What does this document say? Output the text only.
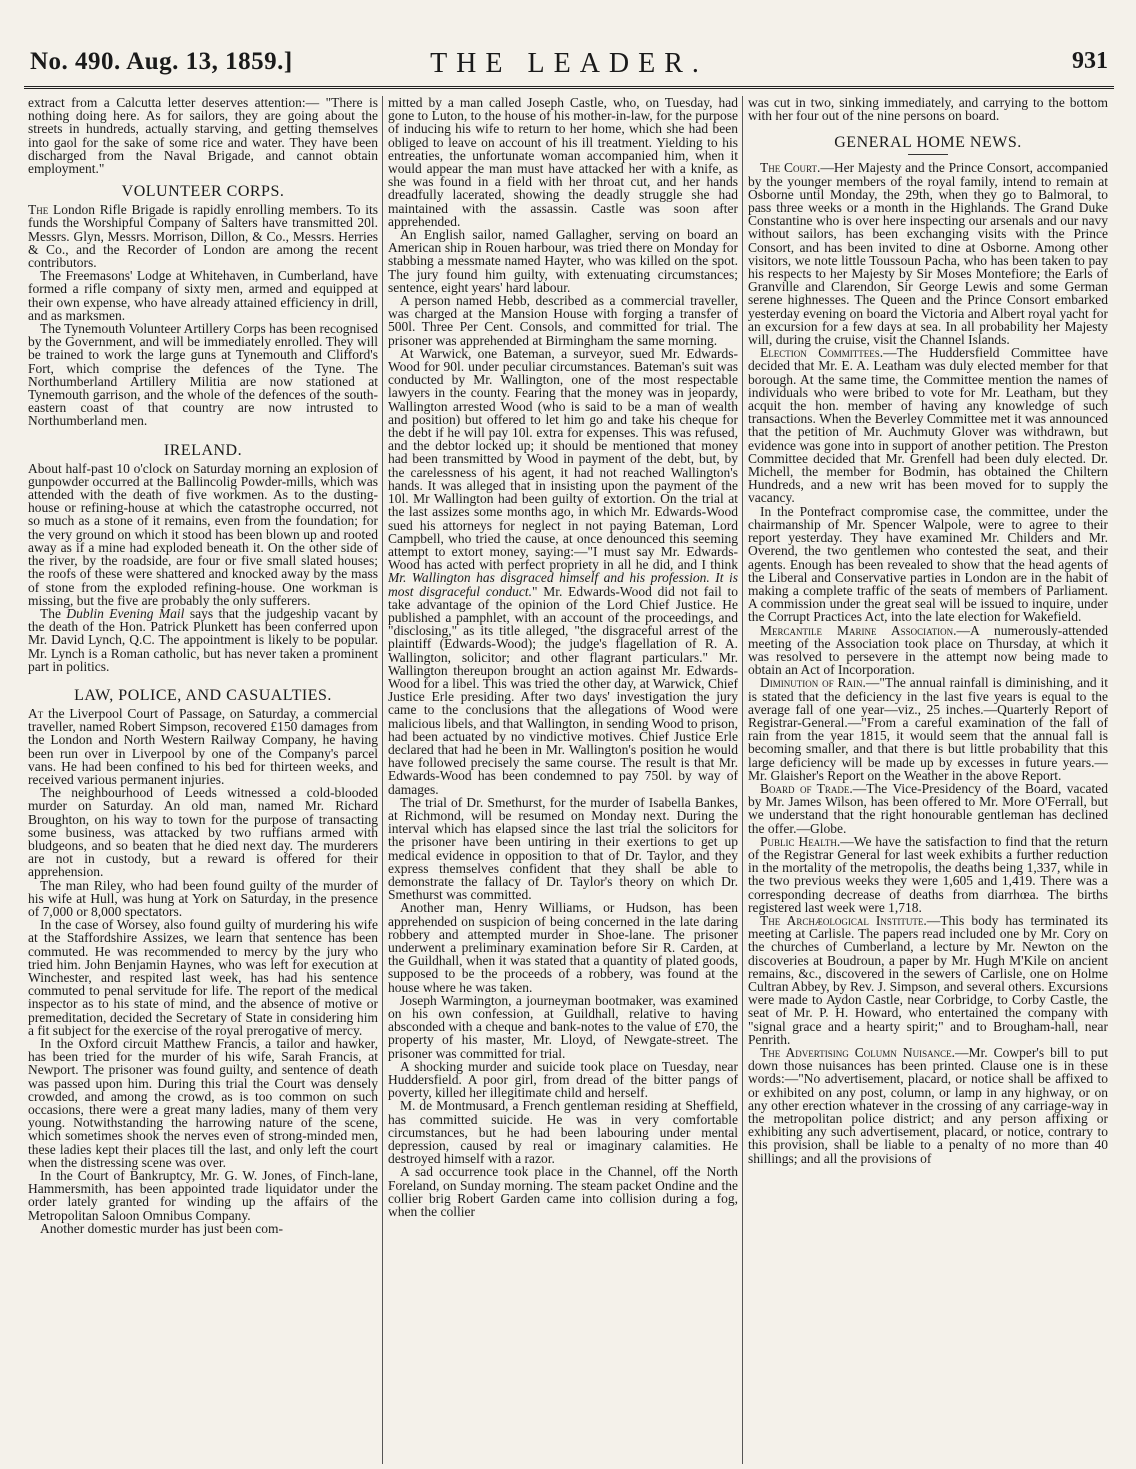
No. 490. Aug. 13, 1859.]	THE LEADER.	931

extract from a Calcutta letter deserves attention:— "There is nothing doing here. As for sailors, they are going about the streets in hundreds, actually starving, and getting themselves into gaol for the sake of some rice and water. They have been discharged from the Naval Brigade, and cannot obtain employment."

VOLUNTEER CORPS.

The London Rifle Brigade is rapidly enrolling members. To its funds the Worshipful Company of Salters have transmitted 20l. Messrs. Glyn, Messrs. Morrison, Dillon, & Co., Messrs. Herries & Co., and the Recorder of London are among the recent contributors.

The Freemasons' Lodge at Whitehaven, in Cumberland, have formed a rifle company of sixty men, armed and equipped at their own expense, who have already attained efficiency in drill, and as marksmen.

The Tynemouth Volunteer Artillery Corps has been recognised by the Government, and will be immediately enrolled. They will be trained to work the large guns at Tynemouth and Clifford's Fort, which comprise the defences of the Tyne. The Northumberland Artillery Militia are now stationed at Tynemouth garrison, and the whole of the defences of the south-eastern coast of that country are now intrusted to Northumberland men.

IRELAND.

About half-past 10 o'clock on Saturday morning an explosion of gunpowder occurred at the Ballincolig Powder-mills, which was attended with the death of five workmen. As to the dusting-house or refining-house at which the catastrophe occurred, not so much as a stone of it remains, even from the foundation; for the very ground on which it stood has been blown up and rooted away as if a mine had exploded beneath it. On the other side of the river, by the roadside, are four or five small slated houses; the roofs of these were shattered and knocked away by the mass of stone from the exploded refining-house. One workman is missing, but the five are probably the only sufferers.

The Dublin Evening Mail says that the judgeship vacant by the death of the Hon. Patrick Plunkett has been conferred upon Mr. David Lynch, Q.C. The appointment is likely to be popular. Mr. Lynch is a Roman catholic, but has never taken a prominent part in politics.

LAW, POLICE, AND CASUALTIES.

At the Liverpool Court of Passage, on Saturday, a commercial traveller, named Robert Simpson, recovered £150 damages from the London and North Western Railway Company, he having been run over in Liverpool by one of the Company's parcel vans. He had been confined to his bed for thirteen weeks, and received various permanent injuries.

The neighbourhood of Leeds witnessed a cold-blooded murder on Saturday. An old man, named Mr. Richard Broughton, on his way to town for the purpose of transacting some business, was attacked by two ruffians armed with bludgeons, and so beaten that he died next day. The murderers are not in custody, but a reward is offered for their apprehension.

The man Riley, who had been found guilty of the murder of his wife at Hull, was hung at York on Saturday, in the presence of 7,000 or 8,000 spectators.

In the case of Worsey, also found guilty of murdering his wife at the Staffordshire Assizes, we learn that sentence has been commuted. He was recommended to mercy by the jury who tried him. John Benjamin Haynes, who was left for execution at Winchester, and respited last week, has had his sentence commuted to penal servitude for life. The report of the medical inspector as to his state of mind, and the absence of motive or premeditation, decided the Secretary of State in considering him a fit subject for the exercise of the royal prerogative of mercy.

In the Oxford circuit Matthew Francis, a tailor and hawker, has been tried for the murder of his wife, Sarah Francis, at Newport. The prisoner was found guilty, and sentence of death was passed upon him. During this trial the Court was densely crowded, and among the crowd, as is too common on such occasions, there were a great many ladies, many of them very young. Notwithstanding the harrowing nature of the scene, which sometimes shook the nerves even of strong-minded men, these ladies kept their places till the last, and only left the court when the distressing scene was over.

In the Court of Bankruptcy, Mr. G. W. Jones, of Finch-lane, Hammersmith, has been appointed trade liquidator under the order lately granted for winding up the affairs of the Metropolitan Saloon Omnibus Company.

Another domestic murder has just been com-

mitted by a man called Joseph Castle, who, on Tuesday, had gone to Luton, to the house of his mother-in-law, for the purpose of inducing his wife to return to her home, which she had been obliged to leave on account of his ill treatment. Yielding to his entreaties, the unfortunate woman accompanied him, when it would appear the man must have attacked her with a knife, as she was found in a field with her throat cut, and her hands dreadfully lacerated, showing the deadly struggle she had maintained with the assassin. Castle was soon after apprehended.

An English sailor, named Gallagher, serving on board an American ship in Rouen harbour, was tried there on Monday for stabbing a messmate named Hayter, who was killed on the spot. The jury found him guilty, with extenuating circumstances; sentence, eight years' hard labour.

A person named Hebb, described as a commercial traveller, was charged at the Mansion House with forging a transfer of 500l. Three Per Cent. Consols, and committed for trial. The prisoner was apprehended at Birmingham the same morning.

At Warwick, one Bateman, a surveyor, sued Mr. Edwards-Wood for 90l. under peculiar circumstances. Bateman's suit was conducted by Mr. Wallington, one of the most respectable lawyers in the county. Fearing that the money was in jeopardy, Wallington arrested Wood (who is said to be a man of wealth and position) but offered to let him go and take his cheque for the debt if he will pay 10l. extra for expenses. This was refused, and the debtor locked up; it should be mentioned that money had been transmitted by Wood in payment of the debt, but, by the carelessness of his agent, it had not reached Wallington's hands. It was alleged that in insisting upon the payment of the 10l. Mr Wallington had been guilty of extortion. On the trial at the last assizes some months ago, in which Mr. Edwards-Wood sued his attorneys for neglect in not paying Bateman, Lord Campbell, who tried the cause, at once denounced this seeming attempt to extort money, saying:—"I must say Mr. Edwards-Wood has acted with perfect propriety in all he did, and I think Mr. Wallington has disgraced himself and his profession. It is most disgraceful conduct." Mr. Edwards-Wood did not fail to take advantage of the opinion of the Lord Chief Justice. He published a pamphlet, with an account of the proceedings, and "disclosing," as its title alleged, "the disgraceful arrest of the plaintiff (Edwards-Wood); the judge's flagellation of R. A. Wallington, solicitor; and other flagrant particulars." Mr. Wallington thereupon brought an action against Mr. Edwards-Wood for a libel. This was tried the other day, at Warwick, Chief Justice Erle presiding. After two days' investigation the jury came to the conclusions that the allegations of Wood were malicious libels, and that Wallington, in sending Wood to prison, had been actuated by no vindictive motives. Chief Justice Erle declared that had he been in Mr. Wallington's position he would have followed precisely the same course. The result is that Mr. Edwards-Wood has been condemned to pay 750l. by way of damages.

The trial of Dr. Smethurst, for the murder of Isabella Bankes, at Richmond, will be resumed on Monday next. During the interval which has elapsed since the last trial the solicitors for the prisoner have been untiring in their exertions to get up medical evidence in opposition to that of Dr. Taylor, and they express themselves confident that they shall be able to demonstrate the fallacy of Dr. Taylor's theory on which Dr. Smethurst was committed.

Another man, Henry Williams, or Hudson, has been apprehended on suspicion of being concerned in the late daring robbery and attempted murder in Shoe-lane. The prisoner underwent a preliminary examination before Sir R. Carden, at the Guildhall, when it was stated that a quantity of plated goods, supposed to be the proceeds of a robbery, was found at the house where he was taken.

Joseph Warmington, a journeyman bootmaker, was examined on his own confession, at Guildhall, relative to having absconded with a cheque and bank-notes to the value of £70, the property of his master, Mr. Lloyd, of Newgate-street. The prisoner was committed for trial.

A shocking murder and suicide took place on Tuesday, near Huddersfield. A poor girl, from dread of the bitter pangs of poverty, killed her illegitimate child and herself.

M. de Montmusard, a French gentleman residing at Sheffield, has committed suicide. He was in very comfortable circumstances, but he had been labouring under mental depression, caused by real or imaginary calamities. He destroyed himself with a razor.

A sad occurrence took place in the Channel, off the North Foreland, on Sunday morning. The steam packet Ondine and the collier brig Robert Garden came into collision during a fog, when the collier

was cut in two, sinking immediately, and carrying to the bottom with her four out of the nine persons on board.

GENERAL HOME NEWS.

The Court.—Her Majesty and the Prince Consort, accompanied by the younger members of the royal family, intend to remain at Osborne until Monday, the 29th, when they go to Balmoral, to pass three weeks or a month in the Highlands. The Grand Duke Constantine who is over here inspecting our arsenals and our navy without sailors, has been exchanging visits with the Prince Consort, and has been invited to dine at Osborne. Among other visitors, we note little Toussoun Pacha, who has been taken to pay his respects to her Majesty by Sir Moses Montefiore; the Earls of Granville and Clarendon, Sir George Lewis and some German serene highnesses. The Queen and the Prince Consort embarked yesterday evening on board the Victoria and Albert royal yacht for an excursion for a few days at sea. In all probability her Majesty will, during the cruise, visit the Channel Islands.

Election Committees.—The Huddersfield Committee have decided that Mr. E. A. Leatham was duly elected member for that borough. At the same time, the Committee mention the names of individuals who were bribed to vote for Mr. Leatham, but they acquit the hon. member of having any knowledge of such transactions. When the Beverley Committee met it was announced that the petition of Mr. Auchmuty Glover was withdrawn, but evidence was gone into in support of another petition. The Preston Committee decided that Mr. Grenfell had been duly elected. Dr. Michell, the member for Bodmin, has obtained the Chiltern Hundreds, and a new writ has been moved for to supply the vacancy.

In the Pontefract compromise case, the committee, under the chairmanship of Mr. Spencer Walpole, were to agree to their report yesterday. They have examined Mr. Childers and Mr. Overend, the two gentlemen who contested the seat, and their agents. Enough has been revealed to show that the head agents of the Liberal and Conservative parties in London are in the habit of making a complete traffic of the seats of members of Parliament. A commission under the great seal will be issued to inquire, under the Corrupt Practices Act, into the late election for Wakefield.

Mercantile Marine Association.—A numerously-attended meeting of the Association took place on Thursday, at which it was resolved to persevere in the attempt now being made to obtain an Act of Incorporation.

Diminution of Rain.—"The annual rainfall is diminishing, and it is stated that the deficiency in the last five years is equal to the average fall of one year—viz., 25 inches.—Quarterly Report of Registrar-General.—"From a careful examination of the fall of rain from the year 1815, it would seem that the annual fall is becoming smaller, and that there is but little probability that this large deficiency will be made up by excesses in future years.—Mr. Glaisher's Report on the Weather in the above Report.

Board of Trade.—The Vice-Presidency of the Board, vacated by Mr. James Wilson, has been offered to Mr. More O'Ferrall, but we understand that the right honourable gentleman has declined the offer.—Globe.

Public Health.—We have the satisfaction to find that the return of the Registrar General for last week exhibits a further reduction in the mortality of the metropolis, the deaths being 1,337, while in the two previous weeks they were 1,605 and 1,419. There was a corresponding decrease of deaths from diarrhœa. The births registered last week were 1,718.

The Archæological Institute.—This body has terminated its meeting at Carlisle. The papers read included one by Mr. Cory on the churches of Cumberland, a lecture by Mr. Newton on the discoveries at Boudroun, a paper by Mr. Hugh M'Kile on ancient remains, &c., discovered in the sewers of Carlisle, one on Holme Cultran Abbey, by Rev. J. Simpson, and several others. Excursions were made to Aydon Castle, near Corbridge, to Corby Castle, the seat of Mr. P. H. Howard, who entertained the company with "signal grace and a hearty spirit;" and to Brougham-hall, near Penrith.

The Advertising Column Nuisance.—Mr. Cowper's bill to put down those nuisances has been printed. Clause one is in these words:—"No advertisement, placard, or notice shall be affixed to or exhibited on any post, column, or lamp in any highway, or on any other erection whatever in the crossing of any carriage-way in the metropolitan police district; and any person affixing or exhibiting any such advertisement, placard, or notice, contrary to this provision, shall be liable to a penalty of no more than 40 shillings; and all the provisions of
